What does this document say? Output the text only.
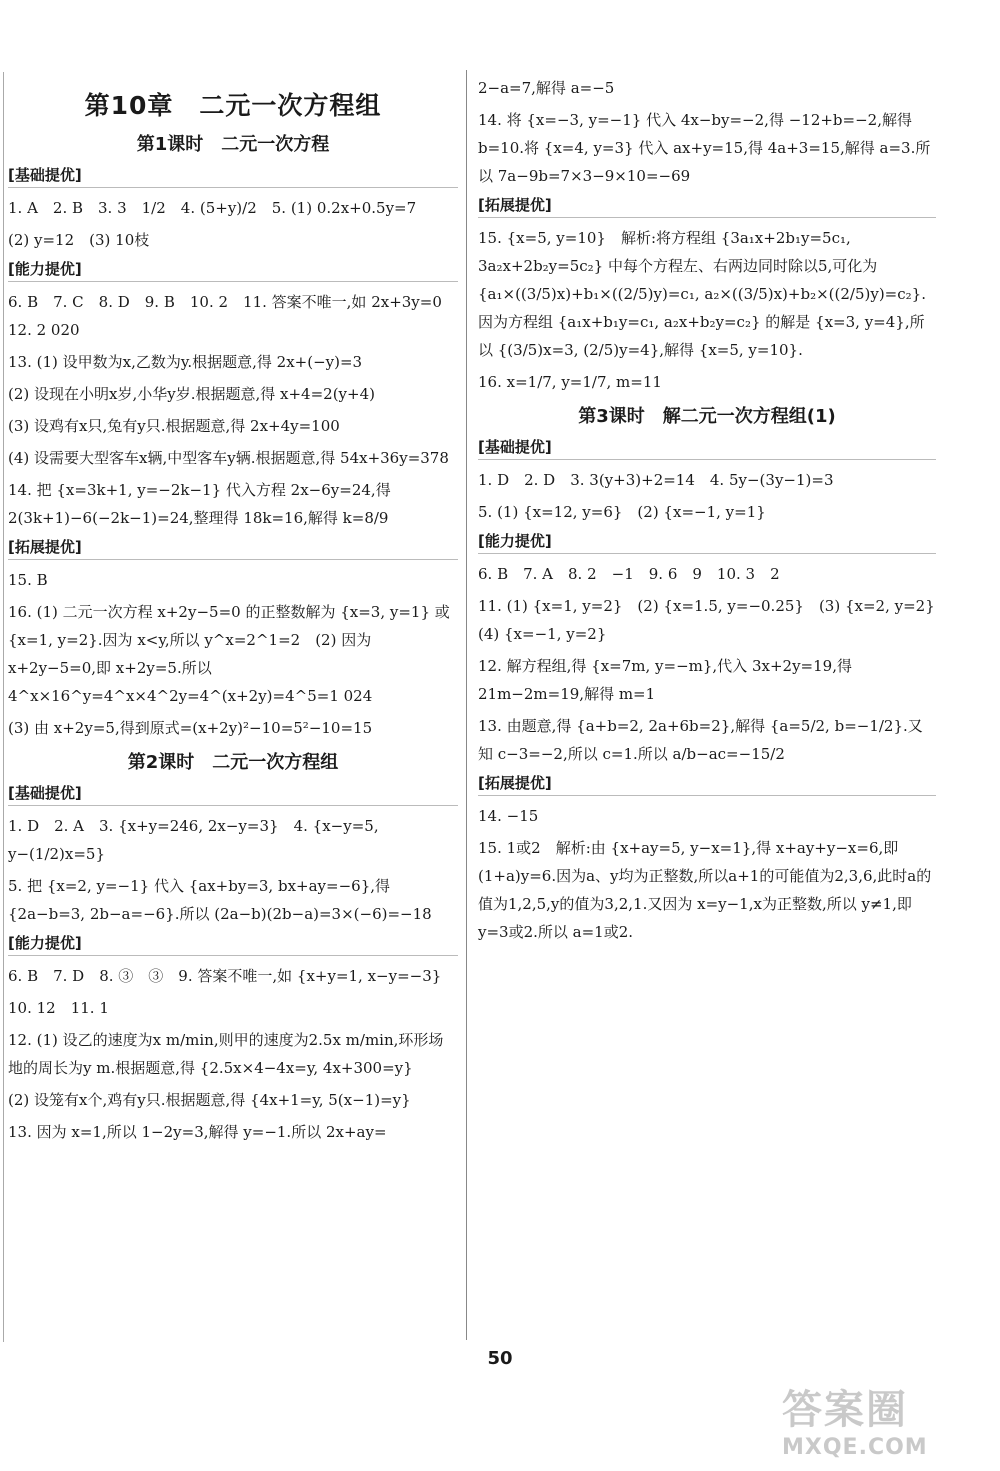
第10章　二元一次方程组
第1课时　二元一次方程
[基础提优]
1. A　2. B　3. 3　1/2　4. (5+y)/2　5. (1) 0.2x+0.5y=7
(2) y=12　(3) 10枝
[能力提优]
6. B　7. C　8. D　9. B　10. 2　11. 答案不唯一,如 2x+3y=0　12. 2 020
13. (1) 设甲数为x,乙数为y.根据题意,得 2x+(−y)=3
(2) 设现在小明x岁,小华y岁.根据题意,得 x+4=2(y+4)
(3) 设鸡有x只,兔有y只.根据题意,得 2x+4y=100
(4) 设需要大型客车x辆,中型客车y辆.根据题意,得 54x+36y=378
14. 把 {x=3k+1, y=−2k−1} 代入方程 2x−6y=24,得 2(3k+1)−6(−2k−1)=24,整理得 18k=16,解得 k=8/9
[拓展提优]
15. B
16. (1) 二元一次方程 x+2y−5=0 的正整数解为 {x=3, y=1} 或 {x=1, y=2}.因为 x<y,所以 y^x=2^1=2　(2) 因为 x+2y−5=0,即 x+2y=5.所以 4^x×16^y=4^x×4^2y=4^(x+2y)=4^5=1 024
(3) 由 x+2y=5,得到原式=(x+2y)²−10=5²−10=15
第2课时　二元一次方程组
[基础提优]
1. D　2. A　3. {x+y=246, 2x−y=3}　4. {x−y=5, y−(1/2)x=5}
5. 把 {x=2, y=−1} 代入 {ax+by=3, bx+ay=−6},得 {2a−b=3, 2b−a=−6}.所以 (2a−b)(2b−a)=3×(−6)=−18
[能力提优]
6. B　7. D　8. ③　③　9. 答案不唯一,如 {x+y=1, x−y=−3}
10. 12　11. 1
12. (1) 设乙的速度为x m/min,则甲的速度为2.5x m/min,环形场地的周长为y m.根据题意,得 {2.5x×4−4x=y, 4x+300=y}
(2) 设笼有x个,鸡有y只.根据题意,得 {4x+1=y, 5(x−1)=y}
13. 因为 x=1,所以 1−2y=3,解得 y=−1.所以 2x+ay=
2−a=7,解得 a=−5
14. 将 {x=−3, y=−1} 代入 4x−by=−2,得 −12+b=−2,解得 b=10.将 {x=4, y=3} 代入 ax+y=15,得 4a+3=15,解得 a=3.所以 7a−9b=7×3−9×10=−69
[拓展提优]
15. {x=5, y=10}　解析:将方程组 {3a₁x+2b₁y=5c₁, 3a₂x+2b₂y=5c₂} 中每个方程左、右两边同时除以5,可化为 {a₁×((3/5)x)+b₁×((2/5)y)=c₁, a₂×((3/5)x)+b₂×((2/5)y)=c₂}.因为方程组 {a₁x+b₁y=c₁, a₂x+b₂y=c₂} 的解是 {x=3, y=4},所以 {(3/5)x=3, (2/5)y=4},解得 {x=5, y=10}.
16. x=1/7, y=1/7, m=11
第3课时　解二元一次方程组(1)
[基础提优]
1. D　2. D　3. 3(y+3)+2=14　4. 5y−(3y−1)=3
5. (1) {x=12, y=6}　(2) {x=−1, y=1}
[能力提优]
6. B　7. A　8. 2　−1　9. 6　9　10. 3　2
11. (1) {x=1, y=2}　(2) {x=1.5, y=−0.25}　(3) {x=2, y=2}　(4) {x=−1, y=2}
12. 解方程组,得 {x=7m, y=−m},代入 3x+2y=19,得 21m−2m=19,解得 m=1
13. 由题意,得 {a+b=2, 2a+6b=2},解得 {a=5/2, b=−1/2}.又知 c−3=−2,所以 c=1.所以 a/b−ac=−15/2
[拓展提优]
14. −15
15. 1或2　解析:由 {x+ay=5, y−x=1},得 x+ay+y−x=6,即(1+a)y=6.因为a、y均为正整数,所以a+1的可能值为2,3,6,此时a的值为1,2,5,y的值为3,2,1.又因为 x=y−1,x为正整数,所以 y≠1,即 y=3或2.所以 a=1或2.
50
答案圈
MXQE.COM
